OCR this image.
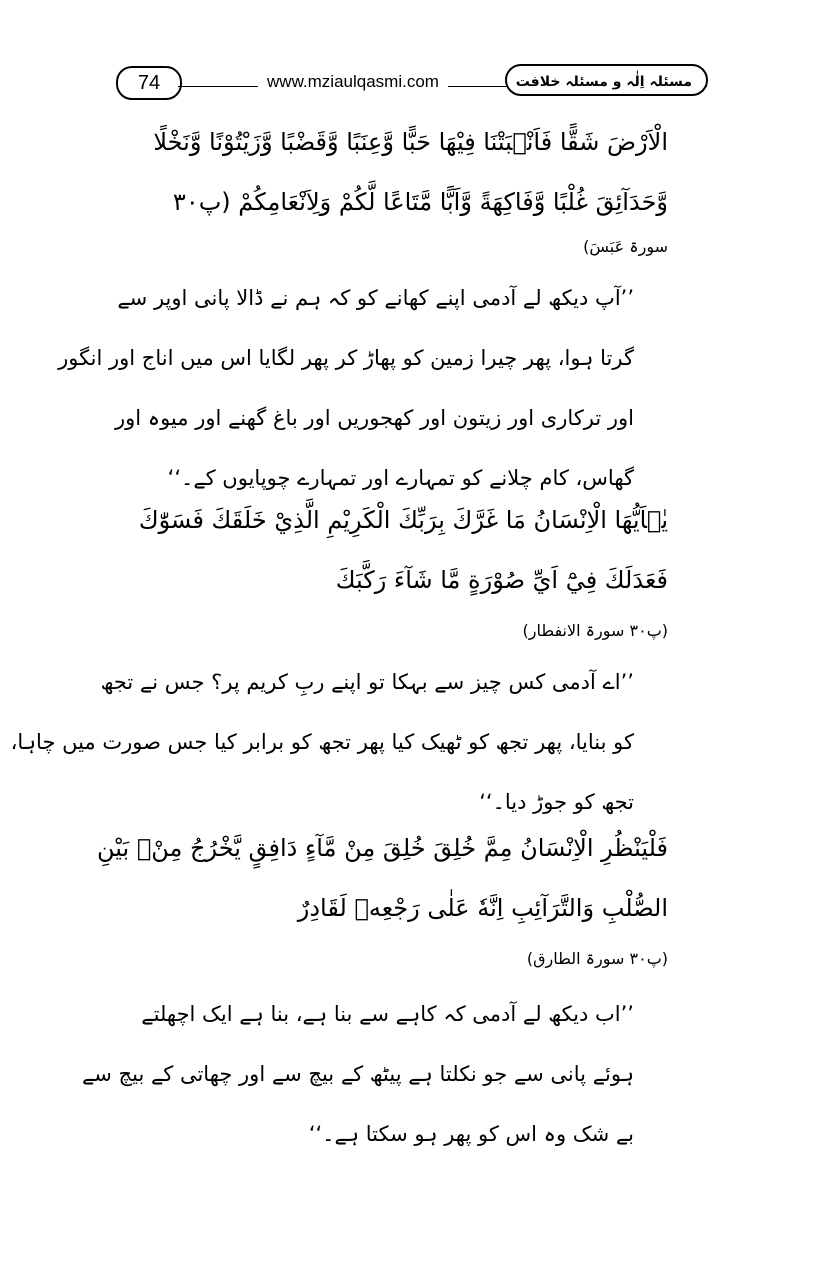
74	www.mziaulqasmi.com	مسئلہ اِلٰہ و مسئلہ خلافت
الْاَرْضَ شَقًّا فَاَنْۢبَتْنَا فِيْهَا حَبًّا وَّعِنَبًا وَّقَضْبًا وَّزَيْتُوْنًا وَّنَخْلًا
وَّحَدَآئِقَ غُلْبًا وَّفَاكِهَةً وَّاَبًّا مَّتَاعًا لَّكُمْ وَلِاَنْعَامِكُمْ (پ۳۰
سورۃ عَبَسَ)
’’آپ دیکھ لے آدمی اپنے کھانے کو کہ ہم نے ڈالا پانی اوپر سے
گرتا ہوا، پھر چیرا زمین کو پھاڑ کر پھر لگایا اس میں اناج اور انگور
اور ترکاری اور زیتون اور کھجوریں اور باغ گھنے اور میوہ اور
گھاس، کام چلانے کو تمہارے اور تمہارے چوپایوں کے۔‘‘
يٰۤاَيُّهَا الْاِنْسَانُ مَا غَرَّكَ بِرَبِّكَ الْكَرِيْمِ الَّذِيْ خَلَقَكَ فَسَوّٰكَ
فَعَدَلَكَ فِيْٓ اَيِّ صُوْرَةٍ مَّا شَآءَ رَكَّبَكَ
(پ۳۰ سورۃ الانفطار)
’’اے آدمی کس چیز سے بہکا تو اپنے ربِ کریم پر؟ جس نے تجھ
کو بنایا، پھر تجھ کو ٹھیک کیا پھر تجھ کو برابر کیا جس صورت میں چاہا،
تجھ کو جوڑ دیا۔‘‘
فَلْيَنْظُرِ الْاِنْسَانُ مِمَّ خُلِقَ خُلِقَ مِنْ مَّآءٍ دَافِقٍ يَّخْرُجُ مِنْۢ بَيْنِ
الصُّلْبِ وَالتَّرَآئِبِ اِنَّهٗ عَلٰى رَجْعِهٖ لَقَادِرٌ
(پ۳۰ سورۃ الطارق)
’’اب دیکھ لے آدمی کہ کاہے سے بنا ہے، بنا ہے ایک اچھلتے
ہوئے پانی سے جو نکلتا ہے پیٹھ کے بیچ سے اور چھاتی کے بیچ سے
بے شک وہ اس کو پھر ہو سکتا ہے۔‘‘
